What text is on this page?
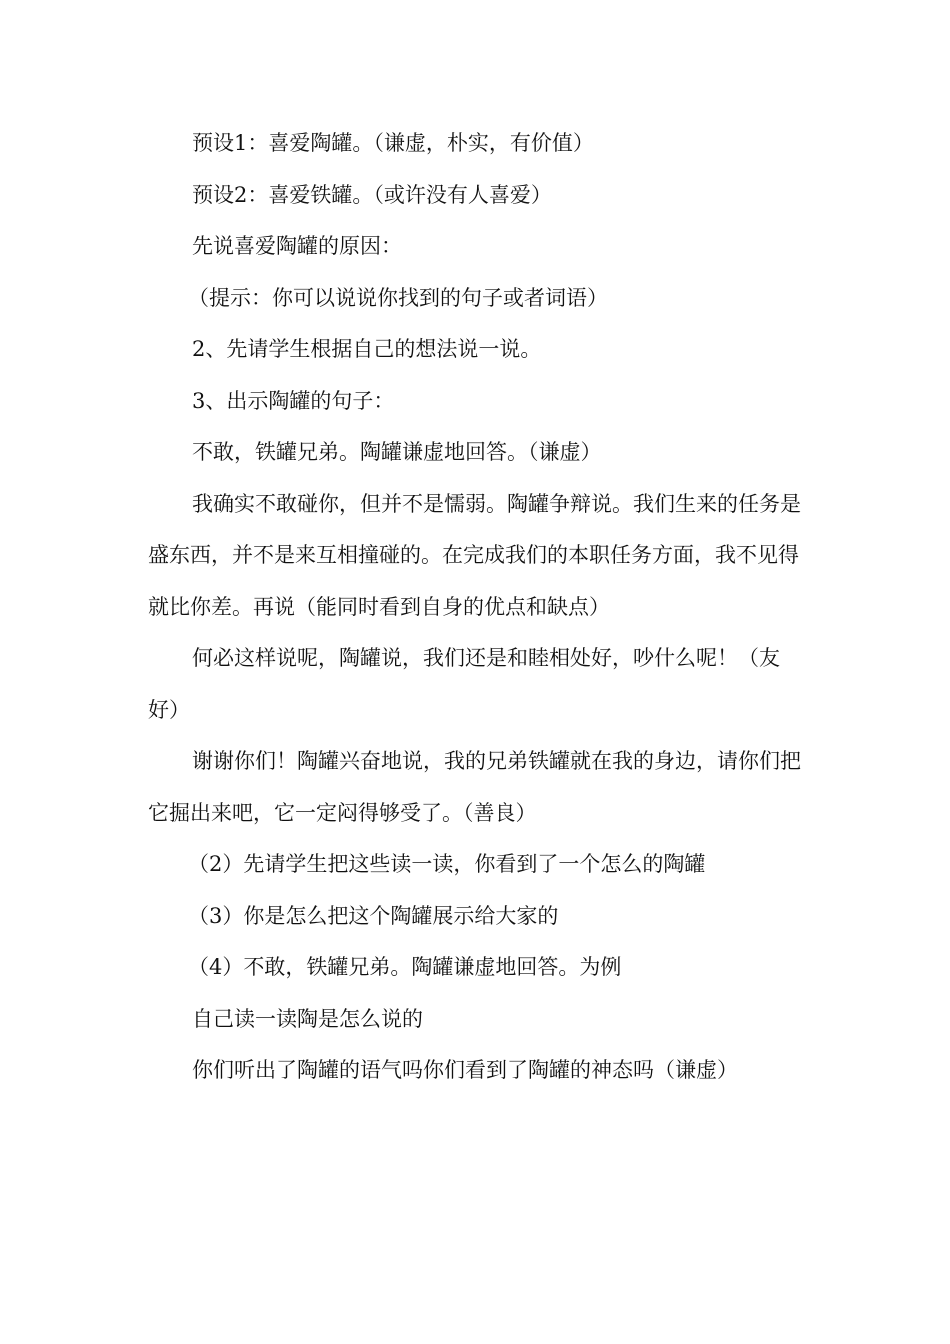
预设1：喜爱陶罐。（谦虚，朴实，有价值）

预设2：喜爱铁罐。（或许没有人喜爱）

先说喜爱陶罐的原因：

（提示：你可以说说你找到的句子或者词语）

2、先请学生根据自己的想法说一说。

3、出示陶罐的句子：

不敢，铁罐兄弟。陶罐谦虚地回答。（谦虚）

我确实不敢碰你，但并不是懦弱。陶罐争辩说。我们生来的任务是盛东西，并不是来互相撞碰的。在完成我们的本职任务方面，我不见得就比你差。再说（能同时看到自身的优点和缺点）

何必这样说呢，陶罐说，我们还是和睦相处好，吵什么呢！（友好）

谢谢你们！陶罐兴奋地说，我的兄弟铁罐就在我的身边，请你们把它掘出来吧，它一定闷得够受了。（善良）

（2）先请学生把这些读一读，你看到了一个怎么的陶罐

（3）你是怎么把这个陶罐展示给大家的

（4）不敢，铁罐兄弟。陶罐谦虚地回答。为例

自己读一读陶是怎么说的

你们听出了陶罐的语气吗你们看到了陶罐的神态吗（谦虚）
